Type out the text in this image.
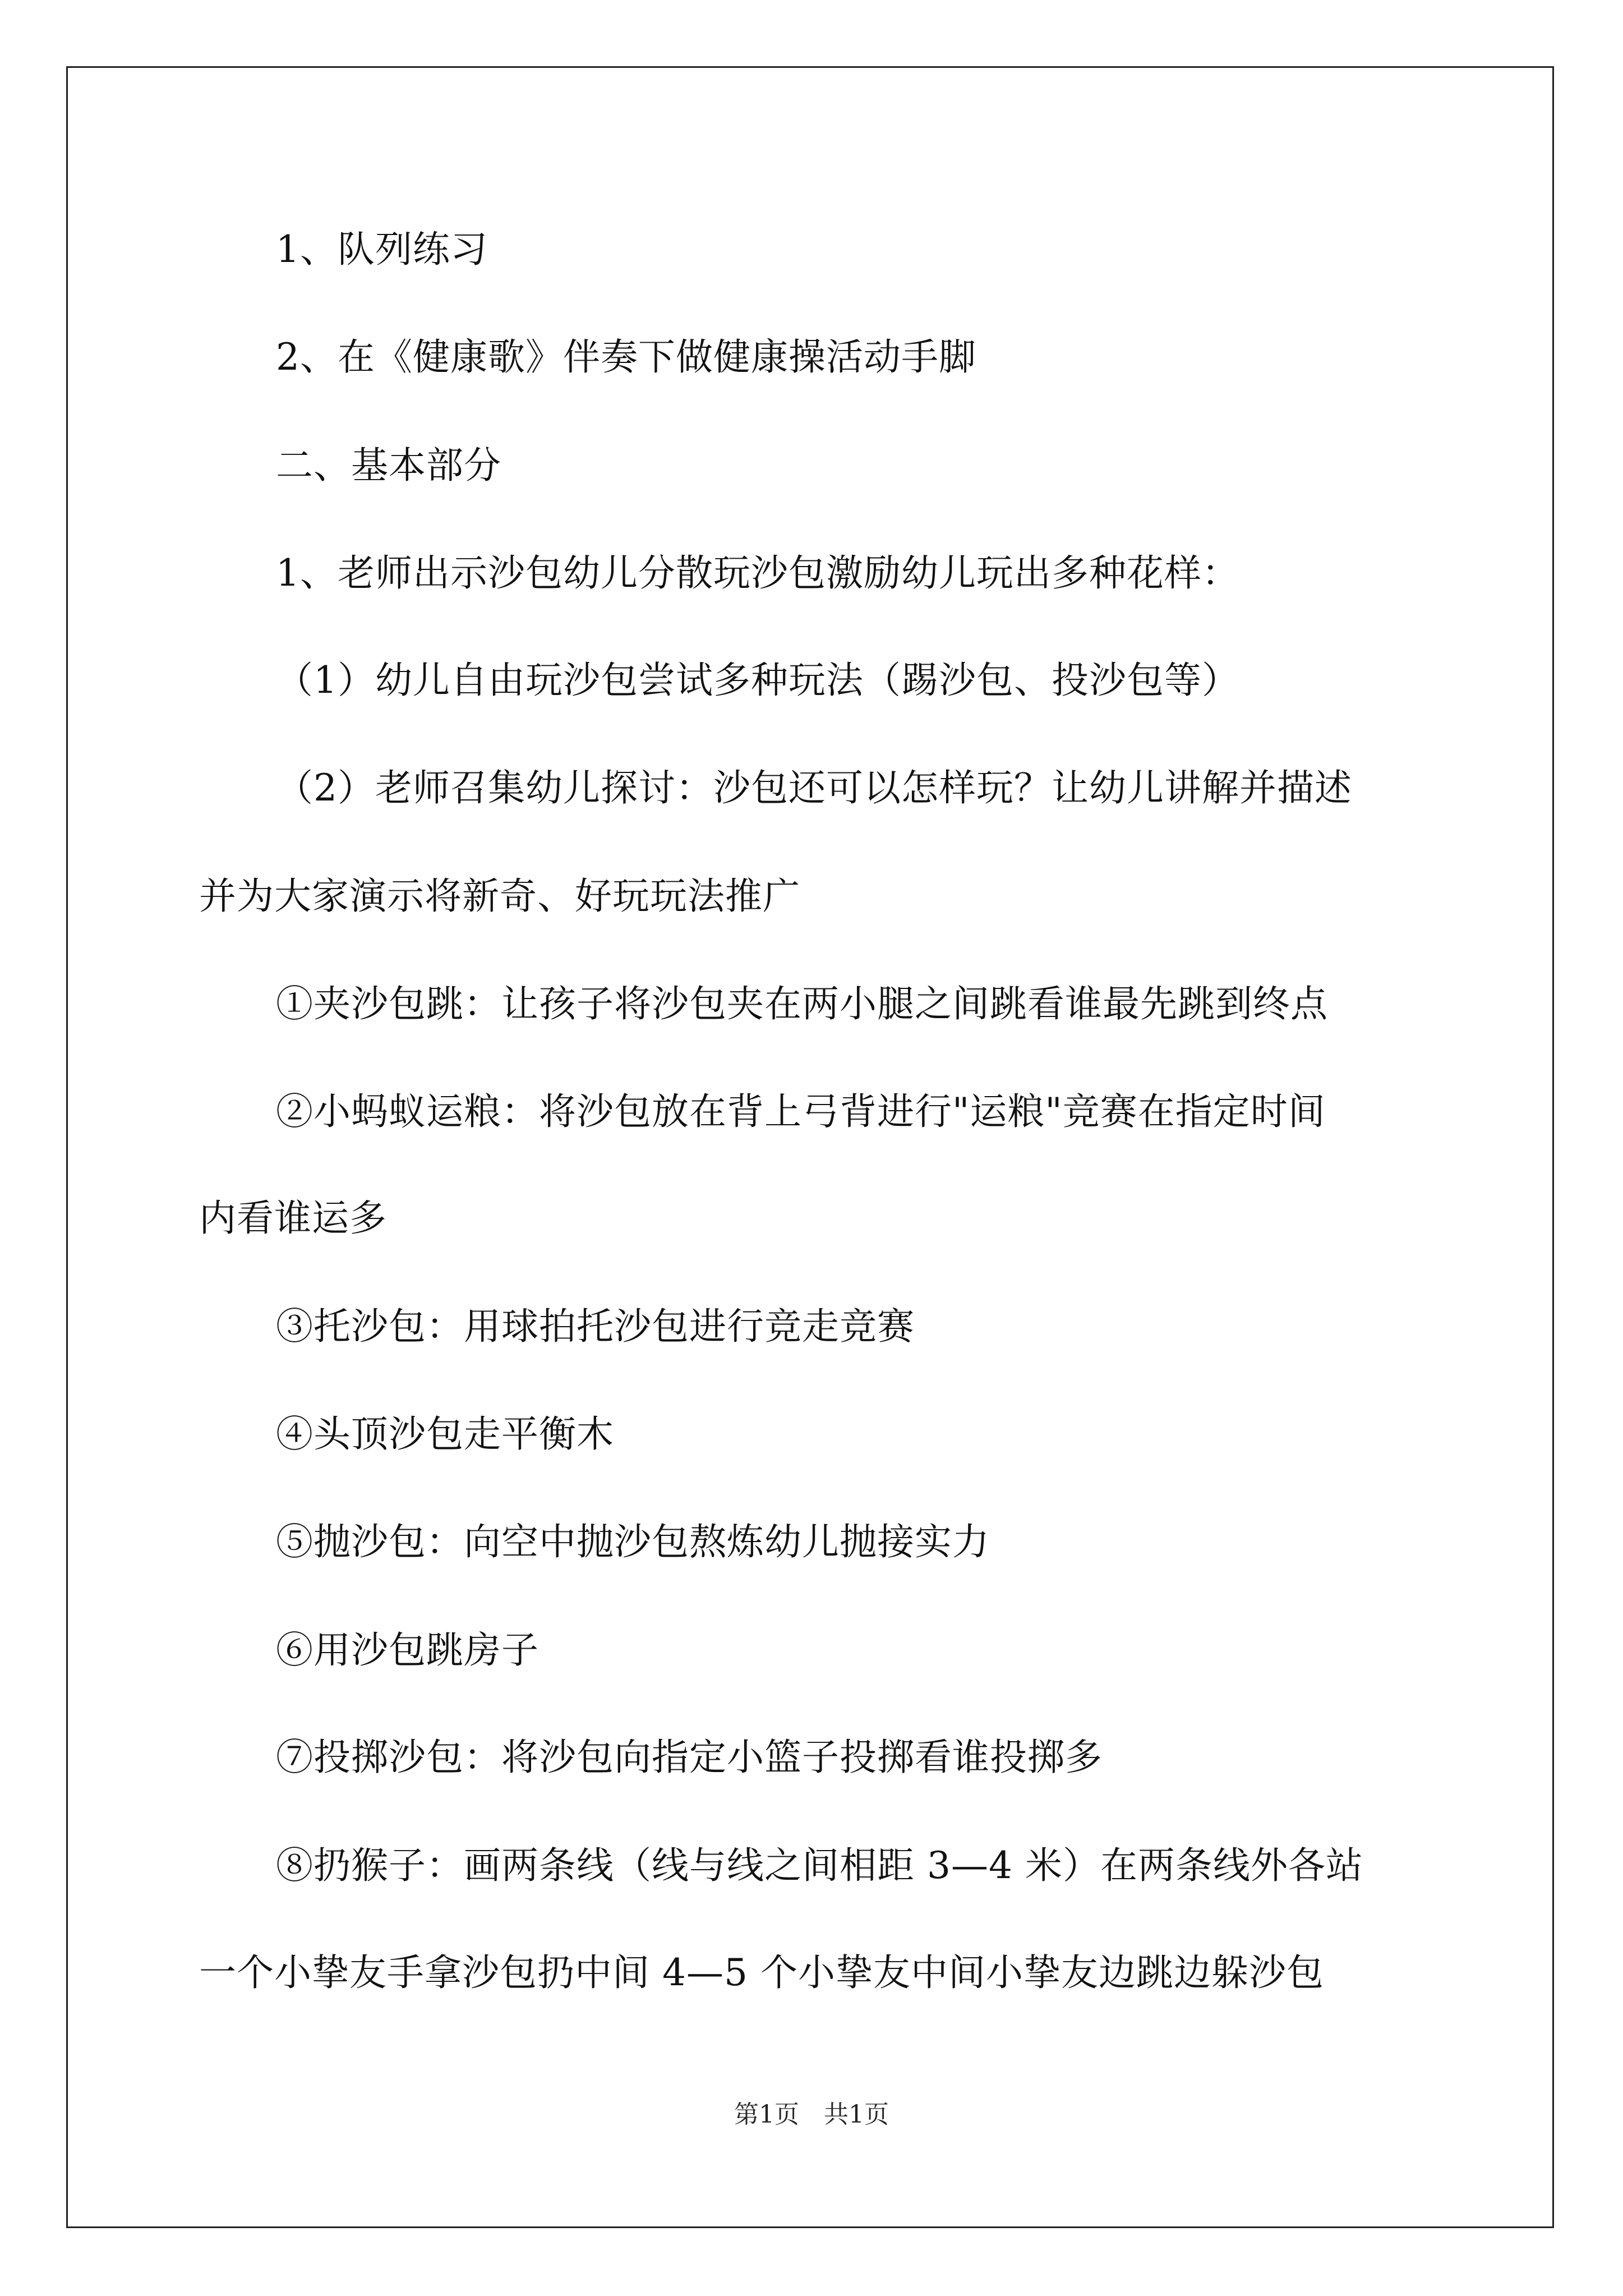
1、队列练习
2、在《健康歌》伴奏下做健康操活动手脚
二、基本部分
1、老师出示沙包幼儿分散玩沙包激励幼儿玩出多种花样：
（1）幼儿自由玩沙包尝试多种玩法（踢沙包、投沙包等）
（2）老师召集幼儿探讨：沙包还可以怎样玩？让幼儿讲解并描述
并为大家演示将新奇、好玩玩法推广
①夹沙包跳：让孩子将沙包夹在两小腿之间跳看谁最先跳到终点
②小蚂蚁运粮：将沙包放在背上弓背进行"运粮"竞赛在指定时间
内看谁运多
③托沙包：用球拍托沙包进行竞走竞赛
④头顶沙包走平衡木
⑤抛沙包：向空中抛沙包熬炼幼儿抛接实力
⑥用沙包跳房子
⑦投掷沙包：将沙包向指定小篮子投掷看谁投掷多
⑧扔猴子：画两条线（线与线之间相距 3—4 米）在两条线外各站
一个小挚友手拿沙包扔中间 4—5 个小挚友中间小挚友边跳边躲沙包
第1页　共1页
